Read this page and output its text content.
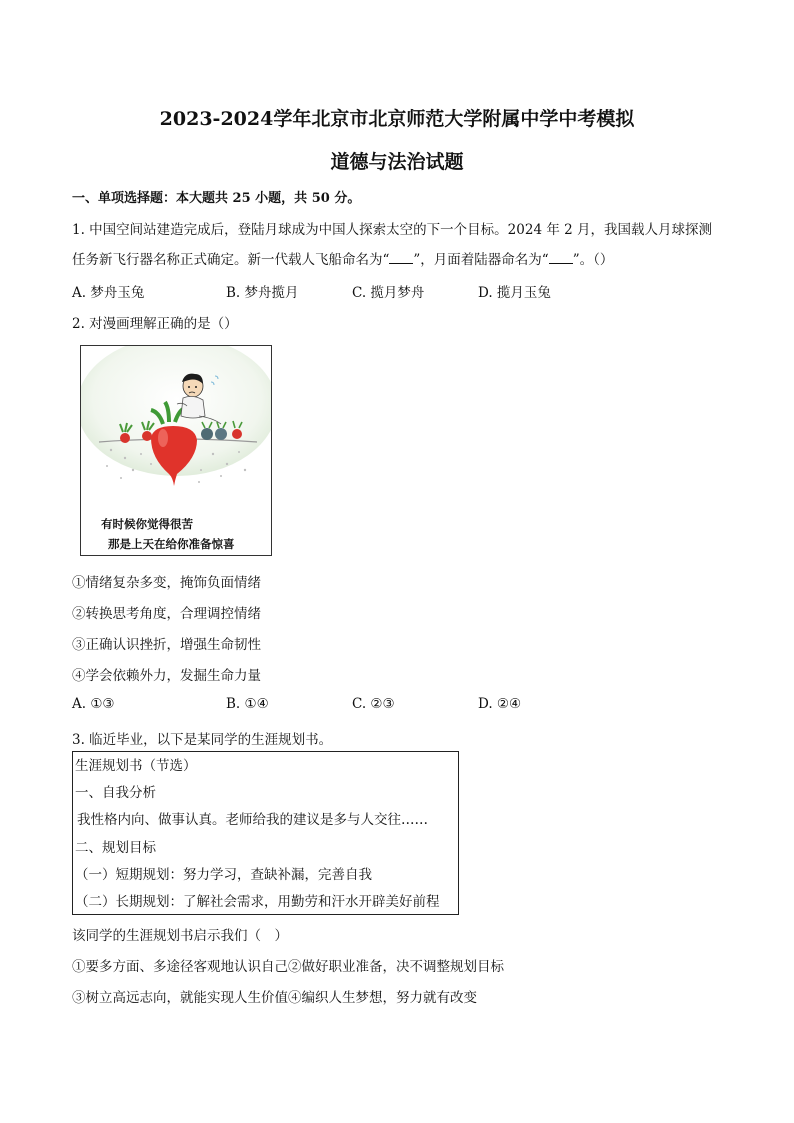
2023-2024学年北京市北京师范大学附属中学中考模拟
道德与法治试题
一、单项选择题：本大题共 25 小题，共 50 分。
1. 中国空间站建造完成后，登陆月球成为中国人探索太空的下一个目标。2024 年 2 月，我国载人月球探测
任务新飞行器名称正式确定。新一代载人飞船命名为“ ”，月面着陆器命名为“ ”。（）
A. 梦舟玉兔	B. 梦舟揽月	C. 揽月梦舟	D. 揽月玉兔
2. 对漫画理解正确的是（）
有时候你觉得很苦
那是上天在给你准备惊喜
①情绪复杂多变，掩饰负面情绪
②转换思考角度，合理调控情绪
③正确认识挫折，增强生命韧性
④学会依赖外力，发掘生命力量
A. ①③	B. ①④	C. ②③	D. ②④
3. 临近毕业，以下是某同学的生涯规划书。
生涯规划书（节选）
一、自我分析
我性格内向、做事认真。老师给我的建议是多与人交往……
二、规划目标
（一）短期规划：努力学习，查缺补漏，完善自我
（二）长期规划：了解社会需求，用勤劳和汗水开辟美好前程
该同学的生涯规划书启示我们（　）
①要多方面、多途径客观地认识自己②做好职业准备，决不调整规划目标
③树立高远志向，就能实现人生价值④编织人生梦想，努力就有改变
